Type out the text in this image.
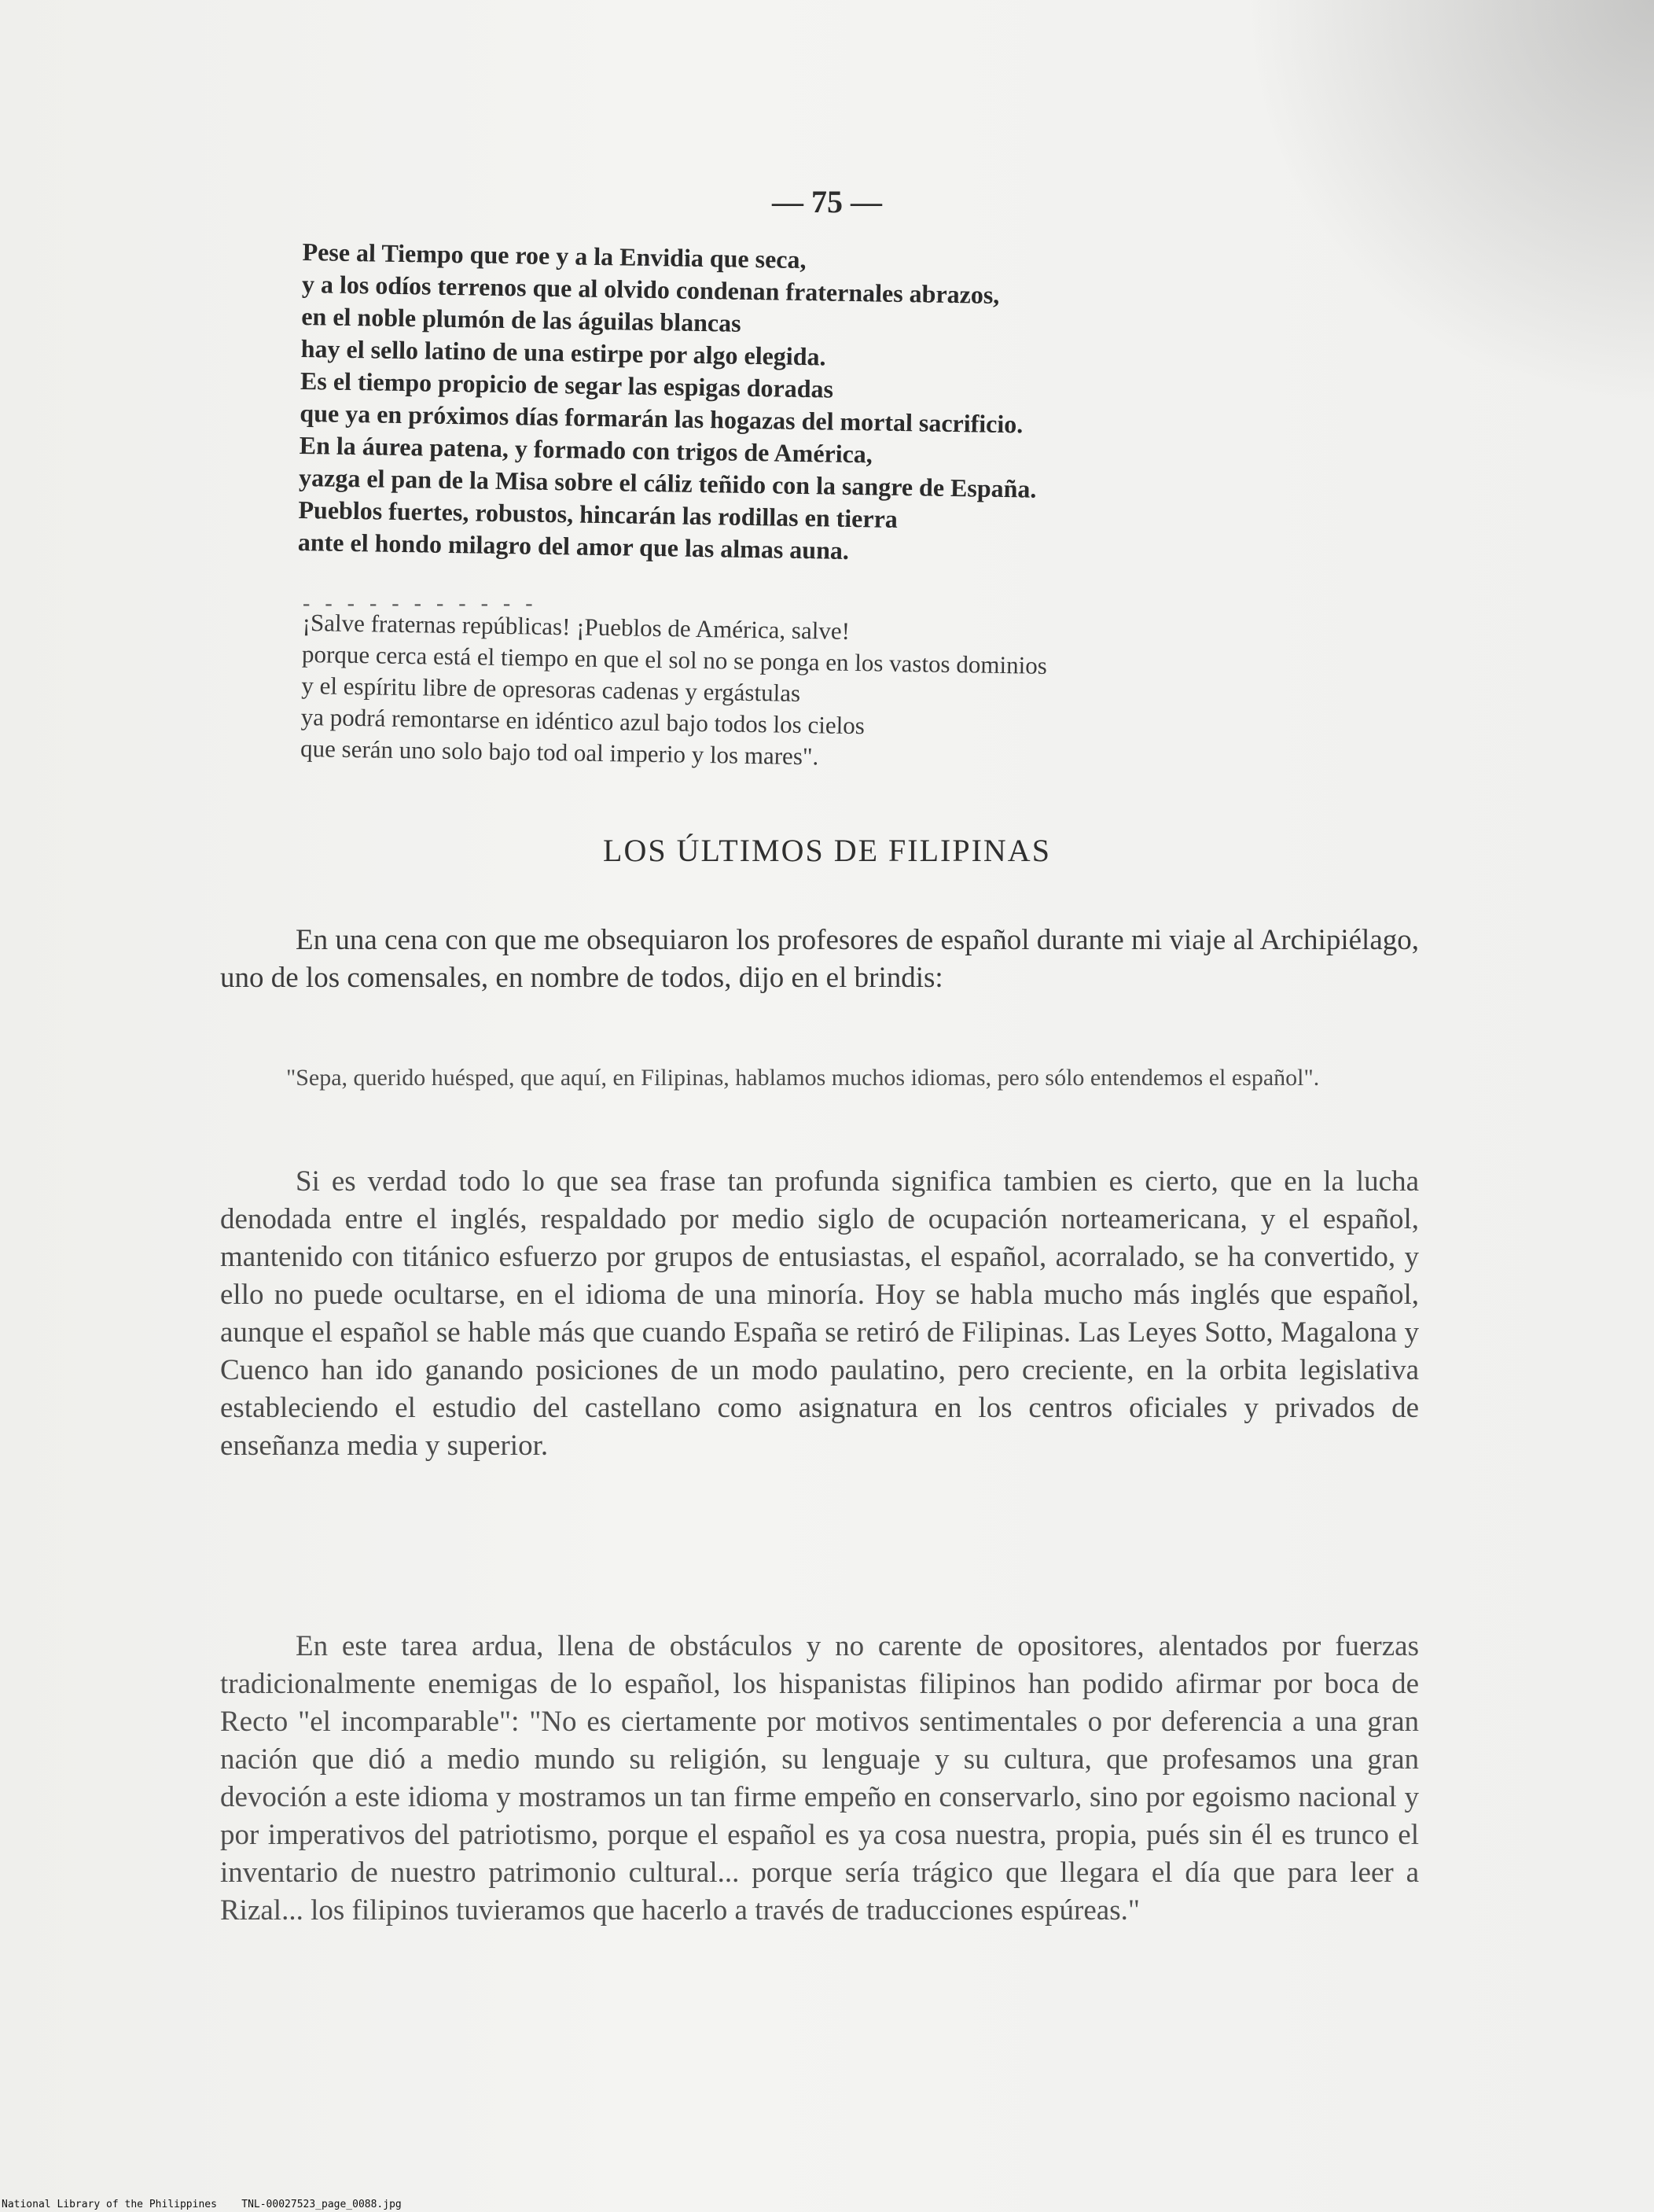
— 75 —
Pese al Tiempo que roe y a la Envidia que seca,
y a los odíos terrenos que al olvido condenan fraternales abrazos,
en el noble plumón de las águilas blancas
hay el sello latino de una estirpe por algo elegida.
Es el tiempo propicio de segar las espigas doradas
que ya en próximos días formarán las hogazas del mortal sacrificio.
En la áurea patena, y formado con trigos de América,
yazga el pan de la Misa sobre el cáliz teñido con la sangre de España.
Pueblos fuertes, robustos, hincarán las rodillas en tierra
ante el hondo milagro del amor que las almas auna.
- - - - - - - - - - -
¡Salve fraternas repúblicas! ¡Pueblos de América, salve!
porque cerca está el tiempo en que el sol no se ponga en los vastos dominios
y el espíritu libre de opresoras cadenas y ergástulas
ya podrá remontarse en idéntico azul bajo todos los cielos
que serán uno solo bajo tod oal imperio y los mares".
LOS ÚLTIMOS DE FILIPINAS

En una cena con que me obsequiaron los profesores de español durante mi viaje al Archipiélago, uno de los comensales, en nombre de todos, dijo en el brindis:

"Sepa, querido huésped, que aquí, en Filipinas, hablamos muchos idiomas, pero sólo entendemos el español".

Si es verdad todo lo que sea frase tan profunda significa tambien es cierto, que en la lucha denodada entre el inglés, respaldado por medio siglo de ocupación norteamericana, y el español, mantenido con titánico esfuerzo por grupos de entusiastas, el español, acorralado, se ha convertido, y ello no puede ocultarse, en el idioma de una minoría. Hoy se habla mucho más inglés que español, aunque el español se hable más que cuando España se retiró de Filipinas. Las Leyes Sotto, Magalona y Cuenco han ido ganando posiciones de un modo paulatino, pero creciente, en la orbita legislativa estableciendo el estudio del castellano como asignatura en los centros oficiales y privados de enseñanza media y superior.

En este tarea ardua, llena de obstáculos y no carente de opositores, alentados por fuerzas tradicionalmente enemigas de lo español, los hispanistas filipinos han podido afirmar por boca de Recto "el incomparable": "No es ciertamente por motivos sentimentales o por deferencia a una gran nación que dió a medio mundo su religión, su lenguaje y su cultura, que profesamos una gran devoción a este idioma y mostramos un tan firme empeño en conservarlo, sino por egoismo nacional y por imperativos del patriotismo, porque el español es ya cosa nuestra, propia, pués sin él es trunco el inventario de nuestro patrimonio cultural... porque sería trágico que llegara el día que para leer a Rizal... los filipinos tuvieramos que hacerlo a través de traducciones espúreas."

National Library of the Philippines TNL-00027523_page_0088.jpg
